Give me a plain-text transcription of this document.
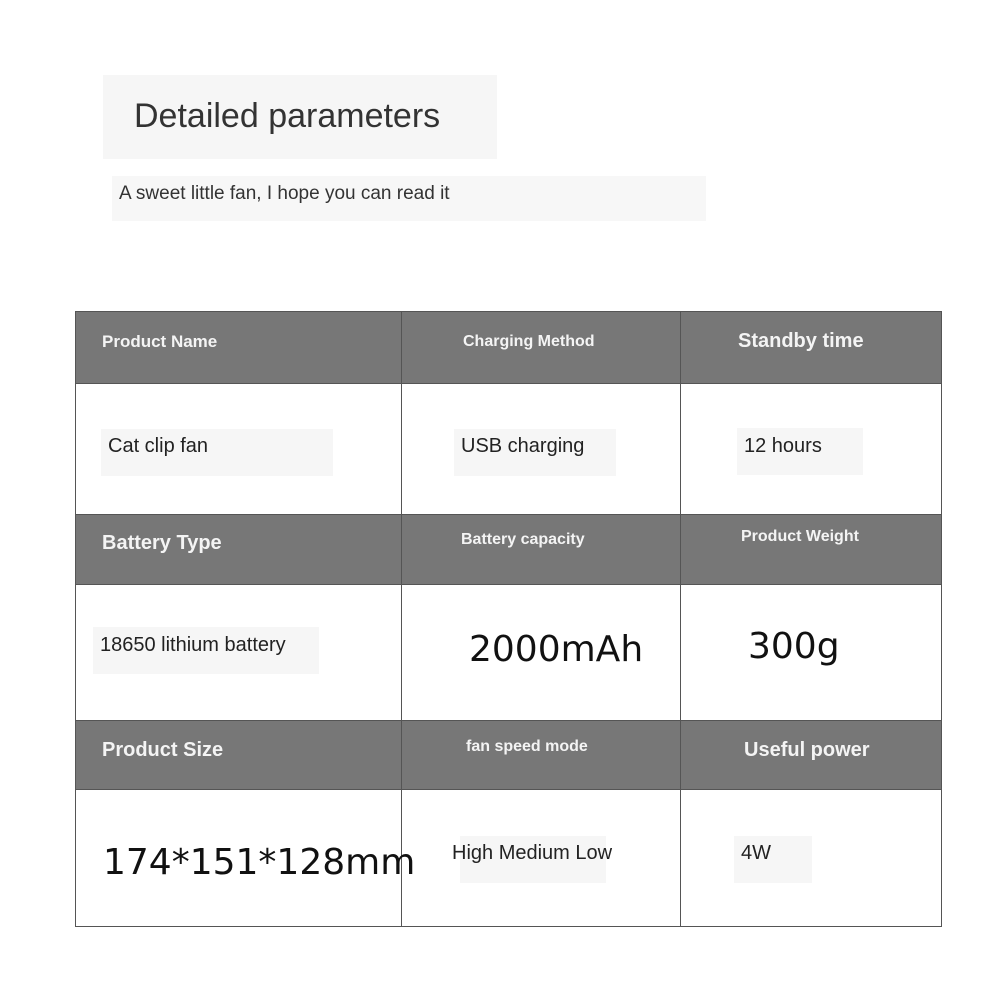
Detailed parameters
A sweet little fan, I hope you can read it
Product Name	Charging Method	Standby time

Cat clip fan	USB charging	12 hours

Battery Type	Battery capacity	Product Weight

18650 lithium battery	2000mAh	300g

Product Size	fan speed mode	Useful power

174*151*128mm	High Medium Low	4W
